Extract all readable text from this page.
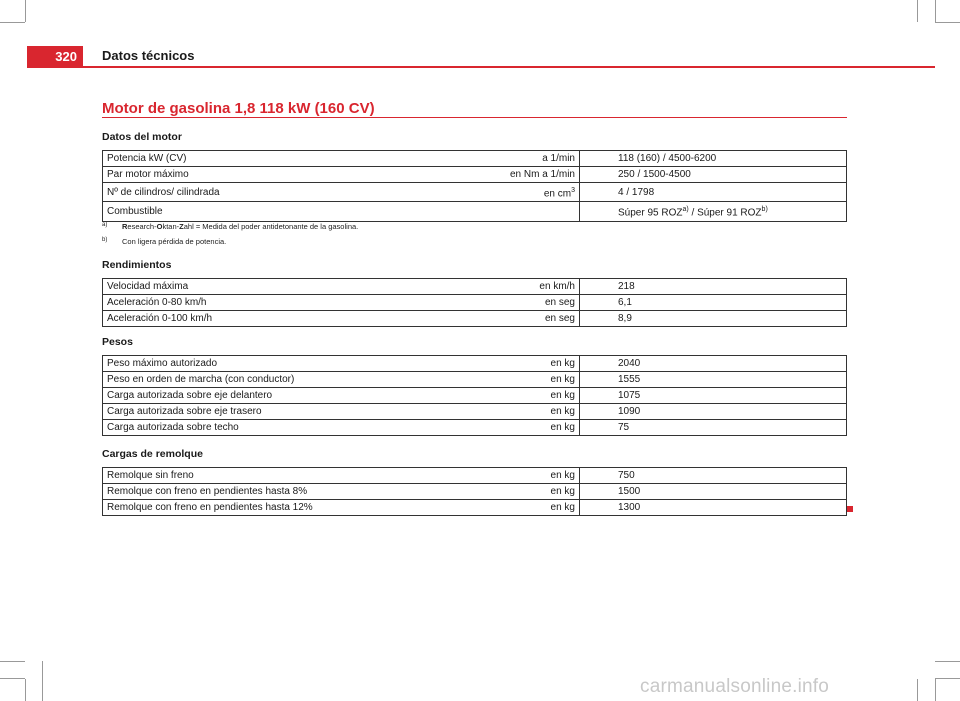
320	Datos técnicos
Motor de gasolina 1,8 118 kW (160 CV)
Datos del motor
Potencia kW (CV)	a 1/min	118 (160) / 4500-6200
Par motor máximo	en Nm a 1/min	250 / 1500-4500
Nº de cilindros/ cilindrada	en $cm^3$	4 / 1798
Combustible		Súper 95 ROZ$^{a)}$ / Súper 91 ROZ$^{b)}$
a)	Research-Oktan-Zahl = Medida del poder antidetonante de la gasolina.
b)	Con ligera pérdida de potencia.
Rendimientos
Velocidad máxima	en km/h	218
Aceleración 0-80 km/h	en seg	6,1
Aceleración 0-100 km/h	en seg	8,9
Pesos
Peso máximo autorizado	en kg	2040
Peso en orden de marcha (con conductor)	en kg	1555
Carga autorizada sobre eje delantero	en kg	1075
Carga autorizada sobre eje trasero	en kg	1090
Carga autorizada sobre techo	en kg	75
Cargas de remolque
Remolque sin freno	en kg	750
Remolque con freno en pendientes hasta 8%	en kg	1500
Remolque con freno en pendientes hasta 12%	en kg	1300
carmanualsonline.info
